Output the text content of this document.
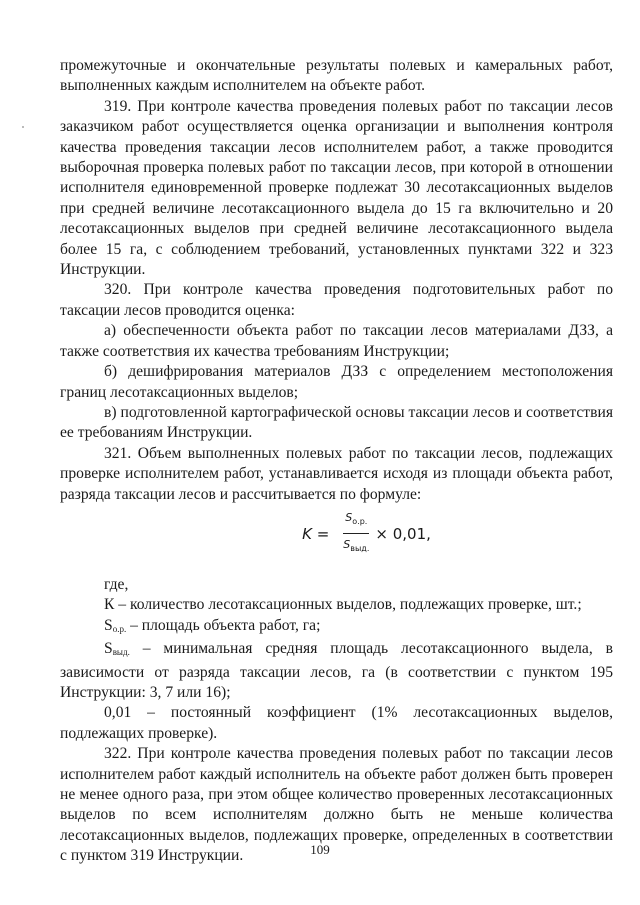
промежуточные и окончательные результаты полевых и камеральных работ, выполненных каждым исполнителем на объекте работ.

319. При контроле качества проведения полевых работ по таксации лесов заказчиком работ осуществляется оценка организации и выполнения контроля качества проведения таксации лесов исполнителем работ, а также проводится выборочная проверка полевых работ по таксации лесов, при которой в отношении исполнителя единовременной проверке подлежат 30 лесотаксационных выделов при средней величине лесотаксационного выдела до 15 га включительно и 20 лесотаксационных выделов при средней величине лесотаксационного выдела более 15 га, с соблюдением требований, установленных пунктами 322 и 323 Инструкции.

320. При контроле качества проведения подготовительных работ по таксации лесов проводится оценка:

а) обеспеченности объекта работ по таксации лесов материалами ДЗЗ, а также соответствия их качества требованиям Инструкции;

б) дешифрирования материалов ДЗЗ с определением местоположения границ лесотаксационных выделов;

в) подготовленной картографической основы таксации лесов и соответствия ее требованиям Инструкции.

321. Объем выполненных полевых работ по таксации лесов, подлежащих проверке исполнителем работ, устанавливается исходя из площади объекта работ, разряда таксации лесов и рассчитывается по формуле:

$K = \frac{S_{о.р.}}{S_{выд.}} \times 0,01$,

где,

К – количество лесотаксационных выделов, подлежащих проверке, шт.;

$S_{о.р.}$ – площадь объекта работ, га;

$S_{выд.}$ – минимальная средняя площадь лесотаксационного выдела, в зависимости от разряда таксации лесов, га (в соответствии с пунктом 195 Инструкции: 3, 7 или 16);

0,01 – постоянный коэффициент (1% лесотаксационных выделов, подлежащих проверке).

322. При контроле качества проведения полевых работ по таксации лесов исполнителем работ каждый исполнитель на объекте работ должен быть проверен не менее одного раза, при этом общее количество проверенных лесотаксационных выделов по всем исполнителям должно быть не меньше количества лесотаксационных выделов, подлежащих проверке, определенных в соответствии с пунктом 319 Инструкции.	109
